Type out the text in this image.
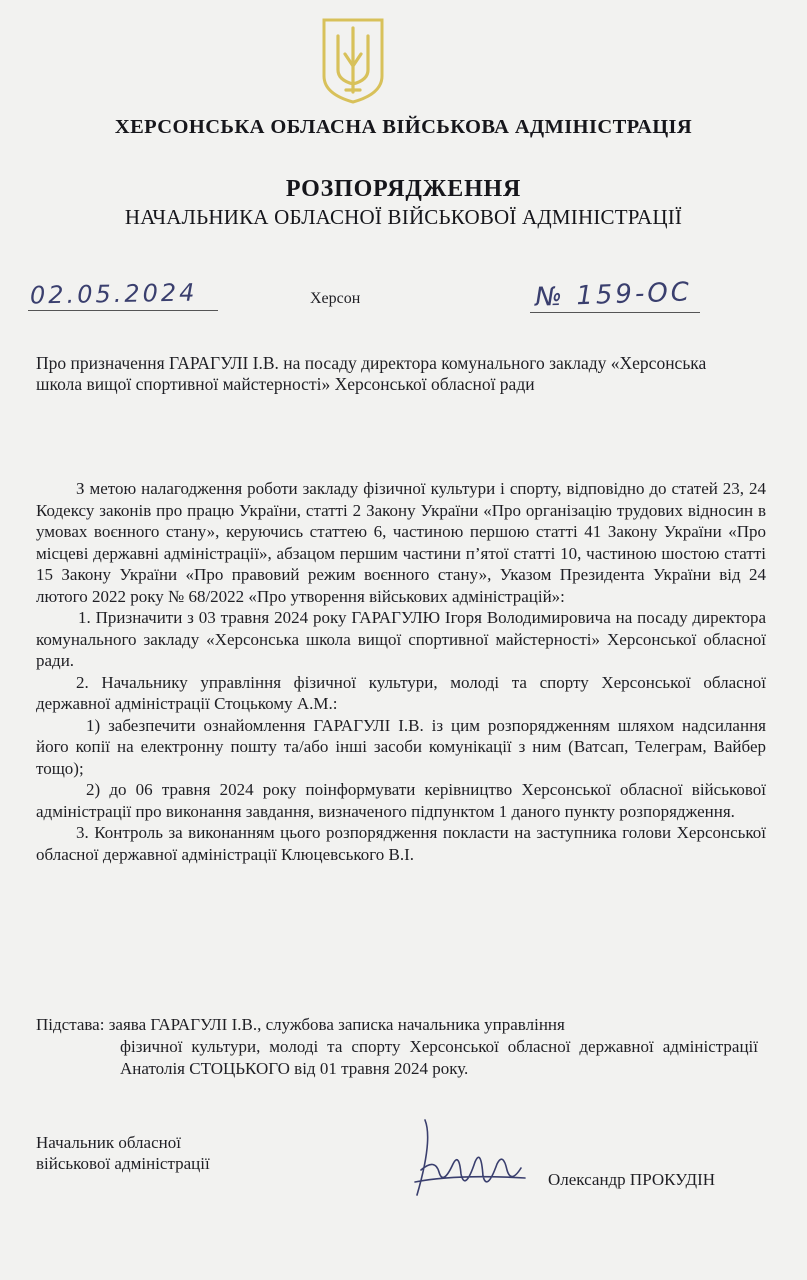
ХЕРСОНСЬКА ОБЛАСНА ВІЙСЬКОВА АДМІНІСТРАЦІЯ
РОЗПОРЯДЖЕННЯ
НАЧАЛЬНИКА ОБЛАСНОЇ ВІЙСЬКОВОЇ АДМІНІСТРАЦІЇ
02.05.2024	Херсон	№ 159-ОС
Про призначення ГАРАГУЛІ І.В. на посаду директора комунального закладу «Херсонська школа вищої спортивної майстерності» Херсонської обласної ради

З метою налагодження роботи закладу фізичної культури і спорту, відповідно до статей 23, 24 Кодексу законів про працю України, статті 2 Закону України «Про організацію трудових відносин в умовах воєнного стану», керуючись статтею 6, частиною першою статті 41 Закону України «Про місцеві державні адміністрації», абзацом першим частини п’ятої статті 10, частиною шостою статті 15 Закону України «Про правовий режим воєнного стану», Указом Президента України від 24 лютого 2022 року № 68/2022 «Про утворення військових адміністрацій»:

1. Призначити з 03 травня 2024 року ГАРАГУЛЮ Ігоря Володимировича на посаду директора комунального закладу «Херсонська школа вищої спортивної майстерності» Херсонської обласної ради.

2. Начальнику управління фізичної культури, молоді та спорту Херсонської обласної державної адміністрації Стоцькому А.М.:

1) забезпечити ознайомлення ГАРАГУЛІ І.В. із цим розпорядженням шляхом надсилання його копії на електронну пошту та/або інші засоби комунікації з ним (Ватсап, Телеграм, Вайбер тощо);

2) до 06 травня 2024 року поінформувати керівництво Херсонської обласної військової адміністрації про виконання завдання, визначеного підпунктом 1 даного пункту розпорядження.

3. Контроль за виконанням цього розпорядження покласти на заступника голови Херсонської обласної державної адміністрації Клюцевського В.І.

Підстава: заява ГАРАГУЛІ І.В., службова записка начальника управління
фізичної культури, молоді та спорту Херсонської обласної державної адміністрації Анатолія СТОЦЬКОГО від 01 травня 2024 року.
Начальник обласної
військової адміністрації
Олександр ПРОКУДІН
